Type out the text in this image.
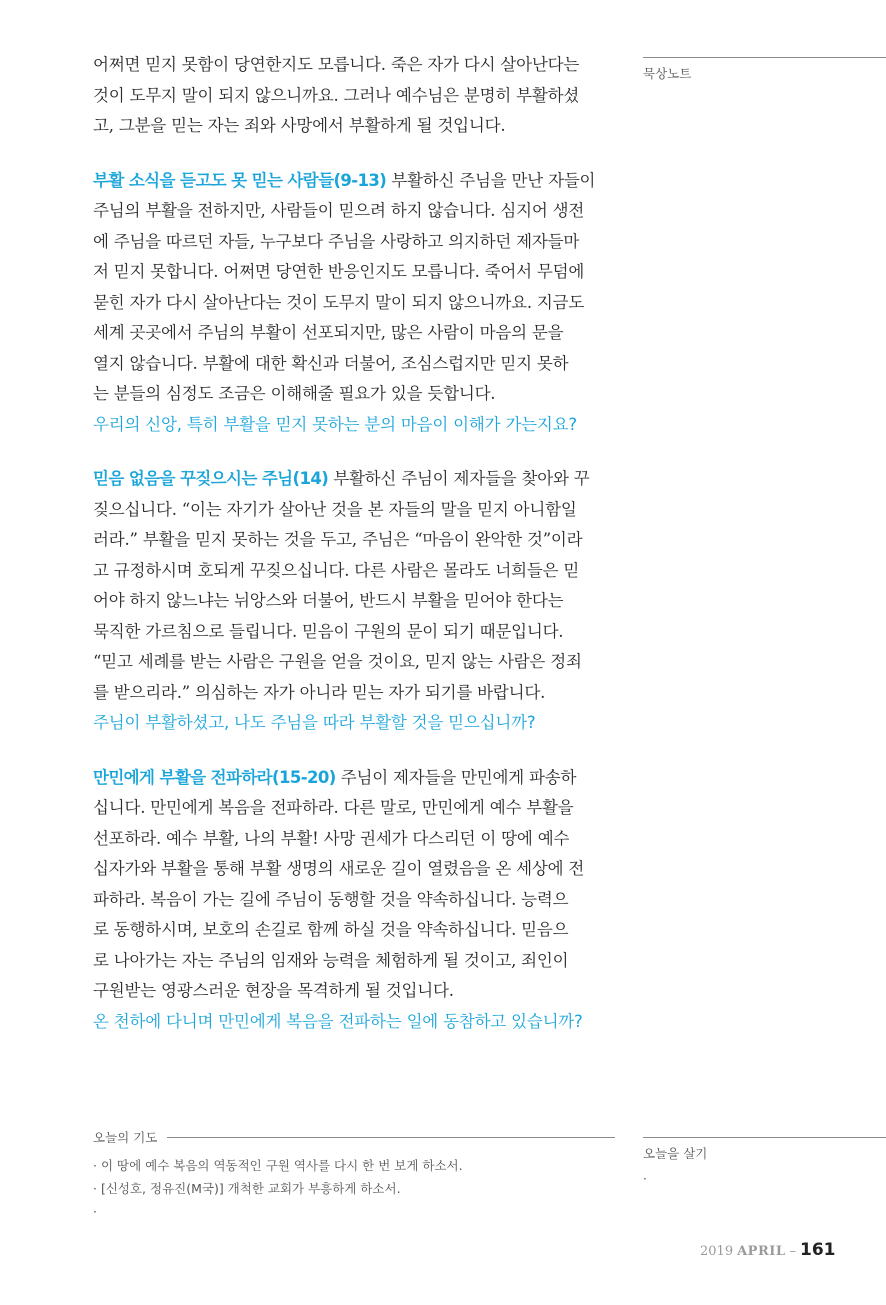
어쩌면 믿지 못함이 당연한지도 모릅니다. 죽은 자가 다시 살아난다는

것이 도무지 말이 되지 않으니까요. 그러나 예수님은 분명히 부활하셨

고, 그분을 믿는 자는 죄와 사망에서 부활하게 될 것입니다.

부활 소식을 듣고도 못 믿는 사람들(9-13) 부활하신 주님을 만난 자들이

주님의 부활을 전하지만, 사람들이 믿으려 하지 않습니다. 심지어 생전

에 주님을 따르던 자들, 누구보다 주님을 사랑하고 의지하던 제자들마

저 믿지 못합니다. 어쩌면 당연한 반응인지도 모릅니다. 죽어서 무덤에

묻힌 자가 다시 살아난다는 것이 도무지 말이 되지 않으니까요. 지금도

세계 곳곳에서 주님의 부활이 선포되지만, 많은 사람이 마음의 문을

열지 않습니다. 부활에 대한 확신과 더불어, 조심스럽지만 믿지 못하

는 분들의 심정도 조금은 이해해줄 필요가 있을 듯합니다.

우리의 신앙, 특히 부활을 믿지 못하는 분의 마음이 이해가 가는지요?

믿음 없음을 꾸짖으시는 주님(14) 부활하신 주님이 제자들을 찾아와 꾸

짖으십니다. “이는 자기가 살아난 것을 본 자들의 말을 믿지 아니함일

러라.” 부활을 믿지 못하는 것을 두고, 주님은 “마음이 완악한 것”이라

고 규정하시며 호되게 꾸짖으십니다. 다른 사람은 몰라도 너희들은 믿

어야 하지 않느냐는 뉘앙스와 더불어, 반드시 부활을 믿어야 한다는

묵직한 가르침으로 들립니다. 믿음이 구원의 문이 되기 때문입니다.

“믿고 세례를 받는 사람은 구원을 얻을 것이요, 믿지 않는 사람은 정죄

를 받으리라.” 의심하는 자가 아니라 믿는 자가 되기를 바랍니다.

주님이 부활하셨고, 나도 주님을 따라 부활할 것을 믿으십니까?

만민에게 부활을 전파하라(15-20) 주님이 제자들을 만민에게 파송하

십니다. 만민에게 복음을 전파하라. 다른 말로, 만민에게 예수 부활을

선포하라. 예수 부활, 나의 부활! 사망 권세가 다스리던 이 땅에 예수

십자가와 부활을 통해 부활 생명의 새로운 길이 열렸음을 온 세상에 전

파하라. 복음이 가는 길에 주님이 동행할 것을 약속하십니다. 능력으

로 동행하시며, 보호의 손길로 함께 하실 것을 약속하십니다. 믿음으

로 나아가는 자는 주님의 임재와 능력을 체험하게 될 것이고, 죄인이

구원받는 영광스러운 현장을 목격하게 될 것입니다.

온 천하에 다니며 만민에게 복음을 전파하는 일에 동참하고 있습니까?

묵상노트
오늘을 살기
·
오늘의 기도
· 이 땅에 예수 복음의 역동적인 구원 역사를 다시 한 번 보게 하소서.
· [신성호, 정유진(M국)] 개척한 교회가 부흥하게 하소서.
·
2019 APRIL – 161
